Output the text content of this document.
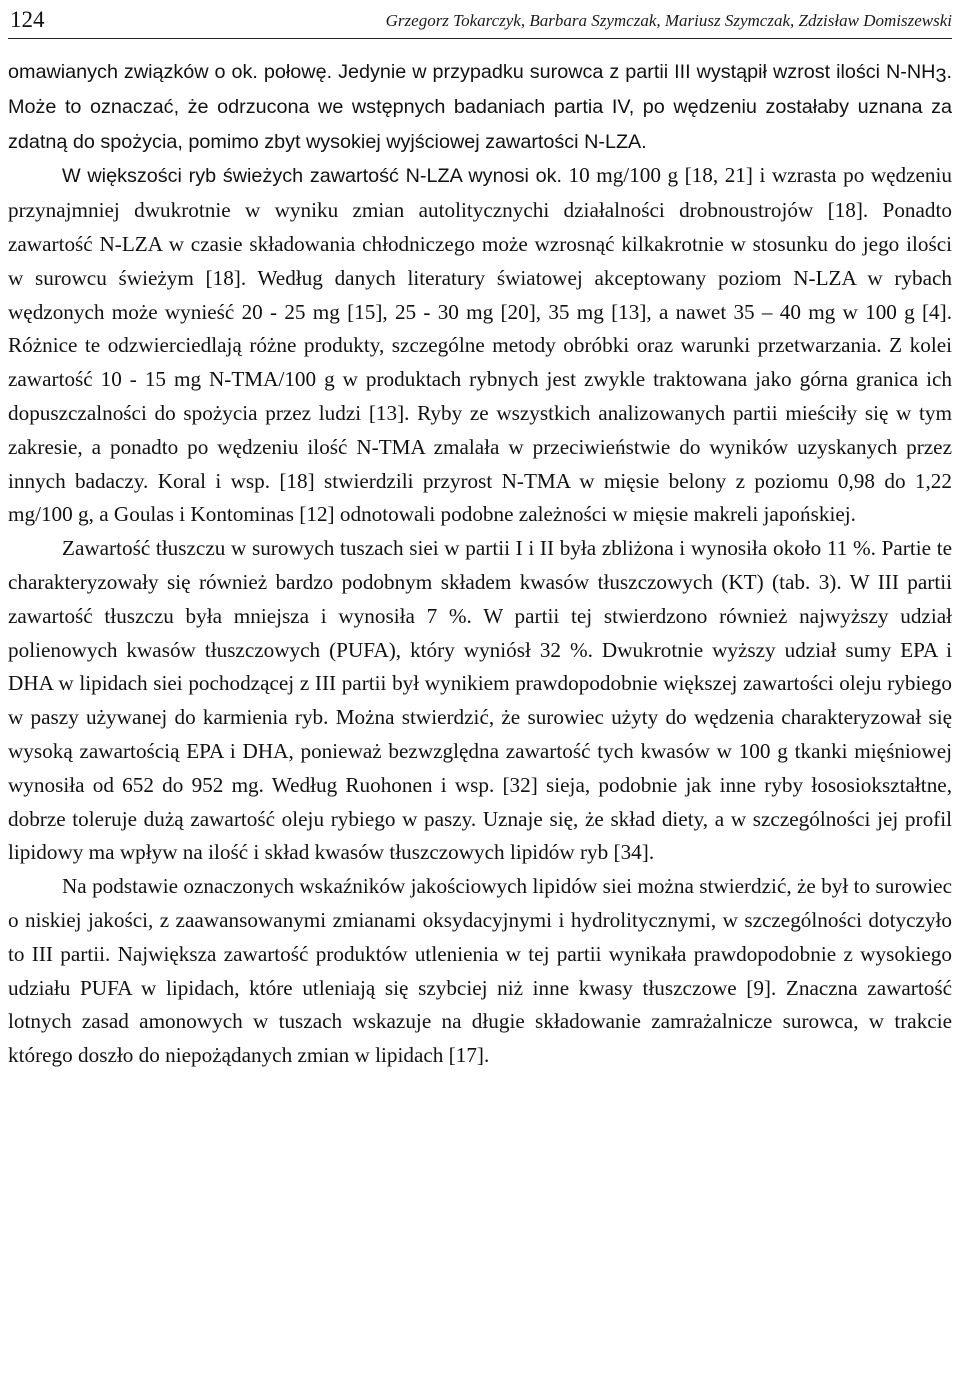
124	Grzegorz Tokarczyk, Barbara Szymczak, Mariusz Szymczak, Zdzisław Domiszewski

omawianych związków o ok. połowę. Jedynie w przypadku surowca z partii III wystąpił wzrost ilości $N-NH_3$. Może to oznaczać, że odrzucona we wstępnych badaniach partia IV, po wędzeniu zostałaby uznana za zdatną do spożycia, pomimo zbyt wysokiej wyjściowej zawartości N-LZA.

W większości ryb świeżych zawartość N-LZA wynosi ok. 10 mg/100 g [18, 21] i wzrasta po wędzeniu przynajmniej dwukrotnie w wyniku zmian autolitycznychi działalności drobnoustrojów [18]. Ponadto zawartość N-LZA w czasie składowania chłodniczego może wzrosnąć kilkakrotnie w stosunku do jego ilości w surowcu świeżym [18]. Według danych literatury światowej akceptowany poziom N-LZA w rybach wędzonych może wynieść 20 - 25 mg [15], 25 - 30 mg [20], 35 mg [13], a nawet 35 – 40 mg w 100 g [4]. Różnice te odzwierciedlają różne produkty, szczególne metody obróbki oraz warunki przetwarzania. Z kolei zawartość 10 - 15 mg N-TMA/100 g w produktach rybnych jest zwykle traktowana jako górna granica ich dopuszczalności do spożycia przez ludzi [13]. Ryby ze wszystkich analizowanych partii mieściły się w tym zakresie, a ponadto po wędzeniu ilość N-TMA zmalała w przeciwieństwie do wyników uzyskanych przez innych badaczy. Koral i wsp. [18] stwierdzili przyrost N-TMA w mięsie belony z poziomu 0,98 do 1,22 mg/100 g, a Goulas i Kontominas [12] odnotowali podobne zależności w mięsie makreli japońskiej.

Zawartość tłuszczu w surowych tuszach siei w partii I i II była zbliżona i wynosiła około 11 %. Partie te charakteryzowały się również bardzo podobnym składem kwasów tłuszczowych (KT) (tab. 3). W III partii zawartość tłuszczu była mniejsza i wynosiła 7 %. W partii tej stwierdzono również najwyższy udział polienowych kwasów tłuszczowych (PUFA), który wyniósł 32 %. Dwukrotnie wyższy udział sumy EPA i DHA w lipidach siei pochodzącej z III partii był wynikiem prawdopodobnie większej zawartości oleju rybiego w paszy używanej do karmienia ryb. Można stwierdzić, że surowiec użyty do wędzenia charakteryzował się wysoką zawartością EPA i DHA, ponieważ bezwzględna zawartość tych kwasów w 100 g tkanki mięśniowej wynosiła od 652 do 952 mg. Według Ruohonen i wsp. [32] sieja, podobnie jak inne ryby łososiokształtne, dobrze toleruje dużą zawartość oleju rybiego w paszy. Uznaje się, że skład diety, a w szczególności jej profil lipidowy ma wpływ na ilość i skład kwasów tłuszczowych lipidów ryb [34].

Na podstawie oznaczonych wskaźników jakościowych lipidów siei można stwierdzić, że był to surowiec o niskiej jakości, z zaawansowanymi zmianami oksydacyjnymi i hydrolitycznymi, w szczególności dotyczyło to III partii. Największa zawartość produktów utlenienia w tej partii wynikała prawdopodobnie z wysokiego udziału PUFA w lipidach, które utleniają się szybciej niż inne kwasy tłuszczowe [9]. Znaczna zawartość lotnych zasad amonowych w tuszach wskazuje na długie składowanie zamrażalnicze surowca, w trakcie którego doszło do niepożądanych zmian w lipidach [17].
